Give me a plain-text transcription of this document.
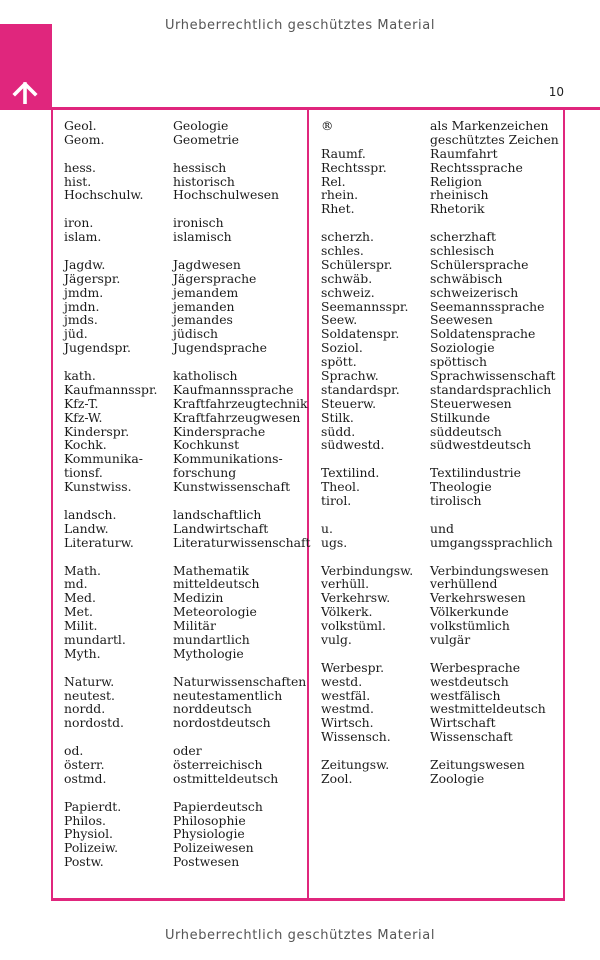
Urheberrechtlich geschütztes Material
10
Geol.	Geologie
Geom.	Geometrie
hess.	hessisch
hist.	historisch
Hochschulw.	Hochschulwesen
iron.	ironisch
islam.	islamisch
Jagdw.	Jagdwesen
Jägerspr.	Jägersprache
jmdm.	jemandem
jmdn.	jemanden
jmds.	jemandes
jüd.	jüdisch
Jugendspr.	Jugendsprache
kath.	katholisch
Kaufmannsspr.	Kaufmannssprache
Kfz-T.	Kraftfahrzeugtechnik
Kfz-W.	Kraftfahrzeugwesen
Kinderspr.	Kindersprache
Kochk.	Kochkunst
Kommunika-	Kommunikations-
tionsf.	forschung
Kunstwiss.	Kunstwissenschaft
landsch.	landschaftlich
Landw.	Landwirtschaft
Literaturw.	Literaturwissenschaft
Math.	Mathematik
md.	mitteldeutsch
Med.	Medizin
Met.	Meteorologie
Milit.	Militär
mundartl.	mundartlich
Myth.	Mythologie
Naturw.	Naturwissenschaften
neutest.	neutestamentlich
nordd.	norddeutsch
nordostd.	nordostdeutsch
od.	oder
österr.	österreichisch
ostmd.	ostmitteldeutsch
Papierdt.	Papierdeutsch
Philos.	Philosophie
Physiol.	Physiologie
Polizeiw.	Polizeiwesen
Postw.	Postwesen
®	als Markenzeichen
geschütztes Zeichen
Raumf.	Raumfahrt
Rechtsspr.	Rechtssprache
Rel.	Religion
rhein.	rheinisch
Rhet.	Rhetorik
scherzh.	scherzhaft
schles.	schlesisch
Schülerspr.	Schülersprache
schwäb.	schwäbisch
schweiz.	schweizerisch
Seemannsspr.	Seemannssprache
Seew.	Seewesen
Soldatenspr.	Soldatensprache
Soziol.	Soziologie
spött.	spöttisch
Sprachw.	Sprachwissenschaft
standardspr.	standardsprachlich
Steuerw.	Steuerwesen
Stilk.	Stilkunde
südd.	süddeutsch
südwestd.	südwestdeutsch
Textilind.	Textilindustrie
Theol.	Theologie
tirol.	tirolisch
u.	und
ugs.	umgangssprachlich
Verbindungsw.	Verbindungswesen
verhüll.	verhüllend
Verkehrsw.	Verkehrswesen
Völkerk.	Völkerkunde
volkstüml.	volkstümlich
vulg.	vulgär
Werbespr.	Werbesprache
westd.	westdeutsch
westfäl.	westfälisch
westmd.	westmitteldeutsch
Wirtsch.	Wirtschaft
Wissensch.	Wissenschaft
Zeitungsw.	Zeitungswesen
Zool.	Zoologie
Urheberrechtlich geschütztes Material
